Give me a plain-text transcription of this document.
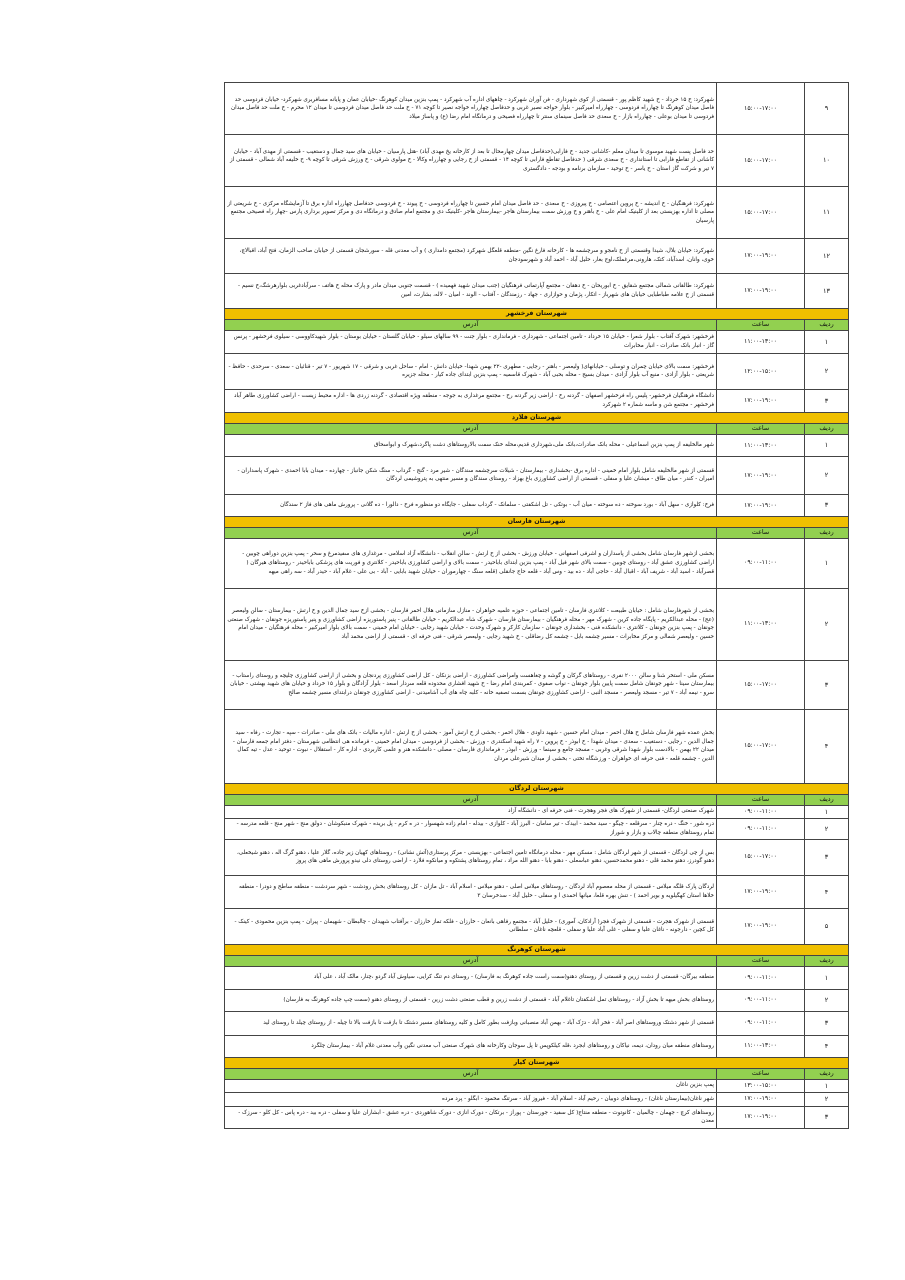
۹	۱۵:۰۰-۱۷:۰۰	شهرکرد: خ ۱۵ خرداد - خ شهید کاظم پور - قسمتی از کوی شهرداری - فن آوران شهرکرد - چاههای اداره آب شهرکرد - پمپ بنزین میدان کوهرنگ -خیابان عمان و پایانه مسافربری شهرکرد- خیابان فردوسی حد فاصل میدان کوهرنگ تا چهارراه فردوسی - چهارراه امیرکبیر - بلوار خواجه نصیر غربی و حدفاصل چهارراه خواجه نصیر تا کوچه ۷۱ - خ ملت حد فاصل میدان فردوسی تا میدان ۱۲ محرم - خ ملت حد فاصل میدان فردوسی تا میدان بوعلی - چهارراه بازار - خ سعدی حد فاصل سینمای سنتر تا چهارراه فصیحی و درمانگاه امام رضا (ع) و پاساژ میلاد
۱۰	۱۵:۰۰-۱۷:۰۰	حد فاصل پست شهید موسوی تا میدان معلم -کاشانی جدید - خ فارابی(حدفاصل میدان چهارمحال تا بعد از کارخانه یخ مهدی آباد) -هتل پارسیان - خیابان های سید جمال و دستغیب - قسمتی از مهدی آباد - خیابان کاشانی از تقاطع فارابی تا استانداری - خ سعدی شرقی ( حدفاصل تقاطع فارابی تا کوچه ۱۴ - قسمتی از خ رجایی و چهارراه وکالا - خ مولوی شرقی - خ ورزش شرقی تا کوچه ۹- خ خلیفه آباد شمالی - قسمتی از ۷ تیر و شرکت گاز استان - خ یاسر - خ توحید - سازمان برنامه و بودجه - دادگستری
۱۱	۱۵:۰۰-۱۷:۰۰	شهرکرد: فرهنگیان - خ اندیشه - خ پروین اعتصامی - خ پیروزی - خ سعدی - حد فاصل میدان امام حسین تا چهارراه فردوسی - خ پیوند - خ فردوسی حدفاصل چهارراه اداره برق تا آزمایشگاه مرکزی - خ شریعتی از مصلی تا اداره بهزیستی بعد از کلینیک امام علی - خ باهنر و خ ورزش سمت بیمارستان هاجر -بیمارستان هاجر -کلینیک دی و مجتمع امام صادق و درمانگاه دی و مرکز تصویر برداری پارس -چهار راه فصیحی مجتمع پارسیان
۱۲	۱۷:۰۰-۱۹:۰۰	شهرکرد: خیابان بلال، شیدا وقسمتی از خ نامجو و سرچشمه ها - کارخانه فارغ نگین -منطقه قلعگل شهرکرد (مجتمع دامداری ) و آب معدنی قله - سورشجان قسمتی از خیابان صاحب الزمان، فتح آباد، اقبالاچ، خوی، وانان، اسدآباد، کتک، هارونی،مرغملک،اوج بغار، حلیل آباد - احمد آباد و شهرسودجان
۱۳	۱۷:۰۰-۱۹:۰۰	شهرکرد: طالقانی شمالی مجتمع شقایق - خ ابوریحان - خ دهقان - مجتمع آپارتمانی فرهنگیان (جنب میدان شهید فهمیده ) - قسمت جنوبی میدان مادر و پارک محله خ هاتف - سرآبادغربی بلوارهرشگ،خ نسیم - قسمتی از خ علامه طباطبایی خیابان های شهرباز - اتکار، پژمان و حوازاری - جهاد - رزمندگان - آفتاب - الوند - امیان - لاله، بشارت، امین
شهرستان فرخشهر		
ردیف	ساعت	آدرس
۱	۱۱:۰۰-۱۳:۰۰	فرخشهر: شهرک آفتاب - بلوار شعرا - خیابان ۱۵ خرداد - تامین اجتماعی - شهرداری - فرمانداری - بلوار جنت - ۹۹ سالهای سیلو - خیابان گلستان - خیابان بوستان - بلوار شهیدکاووسی - سیلوی فرخشهر - پرنس گاز - انبار بانک صادرات - انبار مخابرات
۲	۱۲:۰۰-۱۵:۰۰	فرخشهر: سمت بالای خیابان چمران و توسلی - خیابانهای( ولیعصر - باهنر - رجایی - مطهری -۲۲ بهمن شهدا- خیابان دانش - امام - ساحل غربی و شرقی - ۱۷ شهریور - ۷ تیر - قنائیان - سعدی - سرحدی - حافظ - شریعتی - بلوار آزادی - منبع آب بلوار آزادی - میدان بسیج - محله بحبی آباد - شهرک قاسمیه - پمپ بنزین ابتدای جاده کیار - محله جزیره
۳	۱۷:۰۰-۱۹:۰۰	دانشگاه فرهنگیان فرخشهر- پلیس راه فرخشهر اصفهان - گردنه رخ - اراضی زیر گردنه رخ - مجتمع مرغداری به جوجه - منطقه ویژه اقتصادی - گردنه زردی ها - اداره محیط زیست - اراضی کشاورزی طاهر آباد فرخشهر - مجتمع شن و ماسه شماره ۲ شهرکرد
شهرستان فلارد		
ردیف	ساعت	آدرس
۱	۱۱:۰۰-۱۳:۰۰	شهر مالخلیفه از پمپ بنزین اسماعیلی - محله بانک صادرات،بانک ملی،شهرداری قدیم،محله خنک سمت بالاروستاهای دشت پاگرد،شهرک و ابواسحاق
۲	۱۷:۰۰-۱۹:۰۰	قسمتی از شهر مالخلیفه شامل بلوار امام خمینی - اداره برق -بخشداری - بیمارستان - شیلات سرچشمه سندگان - شیر مرد - گنج - گرداب - سنگ شکن جانباز - چهارده - میدان بابا احمدی - شهرک پاسداران - امیران - کندر - میان طاق - میشان علیا و سفلی - قسمتی از اراضی کشاورزی باغ بهزاد - روستای سندگان و مسیر منتهی به پتروشیمی لردگان
۳	۱۷:۰۰-۱۹:۰۰	فرخ: کلوازی - سهل آباد - بورد سوخته - ده سوخته - میان آب - بوتکی - تل اشکفتی - سلمانک - گرداب سفلی - جایگاه دو منظوره فرخ - دالورا - ده گلانی - پرورش ماهی های فاز ۲ سندگان
شهرستان فارسان		
ردیف	ساعت	آدرس
۱	۰۹:۰۰-۱۱:۰۰	بخشی ازشهر فارسان شامل بخشی از پاسداران و اشرفی اصفهانی - خیابان ورزش - بخشی از خ ارتش - سالن انقلاب - دانشگاه آزاد اسلامی - مرغداری های سفیدمرغ و سحر - پمپ بنزین دوراهی چوبین - اراضی کشاورزی عشق آباد - روستای چوبین - سمت بالای شهر فیل آباد - پمپ بنزین ابتدای باباحیدر - سمت بالای و اراضی کشاورزی باباحیدر - کلانتری و فوریت های پزشکی باباحیدر - روستاهای هیرگان ( قصرآباد - اسید آباد - شریف آباد - اقبال آباد - حاجی آباد - ده بید - وس آباد - قلعه حاج جانقلی (قلعه سنگ - چهارموران - خیابان شهید بابایی - آباد - بی علی - غلام آباد - حیدر آباد - سه راهی میهه
۲	۱۱:۰۰-۱۳:۰۰	بخشی از شهرفارسان شامل : خیابان طبیعت - کلانتری فارسان - تامین اجتماعی - حوزه علمیه خواهران - منازل سازمانی هلال احمر فارسان - بخشی ازخ سید جمال الدین و خ ارتش - بیمارستان - سالن ولیعصر (عج) - محله عبدالکریم - پایگاه جاده کرین - شهرک مهر - محله فرهنگیان - بیمارستان فارسان - شهرک شاه عبدالکریم - خیابان طالقانی - پنیر پاستوریزه اراضی کشاورزی و پنیر پاستوریزه جونقان - شهرک صنعتی جونقان - پمپ بنزین جونقان - کلانتری - دانشکده فنی - بخشداری جونقان - سازمان کارکر و شهرک وحدت - خیابان شهید رجایی - خیابان امام خمینی - سمت بالای بلوار امیرکبیر - محله فرهنگیان - میدان امام حسین - ولیعصر شمالی و مرکز مخابرات - مسیر چشمه بابل - چشمه کل رضاقلی - خ شهید رجایی - ولیعصر شرقی - فنی حرفه ای - قسمتی از اراضی محمد آباد
۳	۱۵:۰۰-۱۷:۰۰	مسکن ملی - استخر شنا و سالن ۲۰۰۰ نفری - روستاهای گرکان و گوشه و چغاهست وامراضی کشاورزی - اراضی بزنکان - کل اراضی کشاورزی پردنجان و بخشی از اراضی کشاورزی چلیچه و روستای راستاب - بیمارستان سینا - شهر جونقان شامل سمت پایین بلوار جونقان - نواب صفوی - کمربندی امام رضا - خ شهید افشاری محدوده قلعه سردار اسعد - بلوار آزادگان و بلوار ۱۵ خرداد و خیابان های شهید بهشتی - خیابان سرو - نیمه آباد - ۷ تیر - مسجد ولیعصر - مسجد النبی - اراضی کشاورزی جونقان بسمت تصفیه خانه - کلبه چاه های آب آشامیدنی - اراضی کشاورزی جونقان درابتدای مسیر چشمه صالح
۴	۱۵:۰۰-۱۷:۰۰	بخش عمده شهر فارسان شامل خ هلال احمر - میدان امام حسین - شهید داودی - هلال احمر - بخشی از خ ارتش آموز - بخشی از خ ارتش - اداره مالیات - بانک های ملی - صادرات - سپه - تجارت - رفاه - سید جمال الدین - رجایی - دستغیب - سعدی - میدان شهدا - خ ابوذر - خ پروین - ۷ راه شهید اسکندری - ورزش - بخشی از فردوسی - میدان امام خمینی - فرمانده هی انتظامی شهرستان - دفتر امام جمعه فارسان - میدان ۲۲ بهمن - بالادست بلوار شهدا شرقی وغربی - مسجد جامع و سینما - ورزش - ابوذر - فرمانداری فارسان - مصلی - دانشکده هنر و علمی کاربردی - اداره کار - استقلال - نبوت - توحید - عدل - تیه کمال الدین - چشمه قلعه - فنی حرفه ای خواهران - ورزشگاه تختی - بخشی از میدان شیرعلی مردان
شهرستان لردگان		
ردیف	ساعت	آدرس
۱	۰۹:۰۰-۱۱:۰۰	شهرک صنعتی لردگان- قسمتی از شهرک های فجر وهجرت - فنی حرفه ای - دانشگاه آزاد
۲	۰۹:۰۰-۱۱:۰۰	دره شور - خنگ - دره چنار - سرقلعه - چیگو - سید محمد - ابیدک - تیر سامان - البرز آباد - کلوازی - بیدله - امام زاده شهسوار - در ه کرم - پل بریده - شهرک منبکوشان - دولق منج - شهر منج - قلعه مدرسه - تمام روستاهای منطقه چالاب و بازار و شوراز
۳	۱۵:۰۰-۱۷:۰۰	بس از چی لردگان - قسمتی از شهر لردگان شامل : مسکن مهر - محله درمانگاه تامین اجتماعی - بهزیستی - مرکز پرستاری(آتش نشانی) - روستاهای کهیان زیر جاده، گلار علیا ، دهنو گرگ اله ، دهنو شیخعلی، دهنو گودرز، دهنو محمد قلی - دهنو محمدحسین، دهنو عباسعلی - دهنو بابا - دهنو الله مراد ، تمام روستاهای پشتکوه و میانکوه فلارد - اراضی روستای دلی نیدو پرورش ماهی های پروز
۴	۱۷:۰۰-۱۹:۰۰	لردگان پارک قلگه میلاس - قسمتی از محله معصوم آباد لردگان - روستاهای میلاس اصلی - دهنو میلاس - اسلام آباد - تل مازان - کل روستاهای بخش رودشت - شهر سردشت - منطقه ساطح و دودرا - منطقه خلاها استان کهگیلویه و بویر احمد ) - تنش بهره قلعا، میانها احمدی ا و سفلی - خلیل آباد - سدخرسان ۳
۵	۱۷:۰۰-۱۹:۰۰	قسمتی از شهرک هجرت - قسمتی از شهرک فجر( آرادکان، آموری) - خلیل آباد - مجتمع رفاهی بانعان - خارزان - فلکه تماز خارزان - برآفتاب شهیدان - چالبطان - شهیمان - پیران - پمپ بنزین محمودی - کینک - کل کچین - دارجونه - ناغان علیا و سفلی - غلی آباد علیا و سفلی - قلعچه ناغان - سلطانی
شهرستان کوهرنگ		
ردیف	ساعت	آدرس
۱	۰۹:۰۰-۱۱:۰۰	منطقه بیرگان- قسمتی از دشت زرین و قسمتی از روستای دهنو(سمت راست جاده کوهرنگ به فارسان) - روستای دم تنگ کرایی، سیاوش آباد گردو ،چنار، مالک آباد ، علی آباد
۲	۰۹:۰۰-۱۱:۰۰	روستاهای بخش میهه تا بخش آزاد - روستاهای تمل اشکفتان تاغلام آباد - قسمتی از دشت زرین و قطب صنعتی دشت زرین - قسمتی از روستای دهنو (سمت چپ جاده کوهرنگ به فارسان)
۳	۰۹:۰۰-۱۱:۰۰	قسمتی از شهر دشتک وروستاهای اصر آباد - فخر آباد - دژک آباد - بهمن آباد منصبانی وبازفت بطور کامل و کلیه روستاهای مسیر دشتک تا بازفت تا بازفت بالا تا چیله - از روستای چیلد تا روستای لید
۴	۱۱:۰۰-۱۳:۰۰	روستاهای منطقه میان رودان، دیمه، نیاکان و روستاهای ابجرد ،قله کیلکوپس تا پل سوجان وکارخانه های شهرک صنعتی آب معدنی نگین وآب معدنی غلام آباد - بیمارستان چلگرد
شهرستان کیار		
ردیف	ساعت	آدرس
۱	۱۳:۰۰-۱۵:۰۰	پمپ بنزین ناغان
۲	۱۷:۰۰-۱۹:۰۰	شهر ناغان(بیمارستان ناغان) - روستاهای دوبیان - رحیم آباد - اسلام آباد - فیروز آباد - سرتنگ محمود - ابگلو - پرد مرده
۳	۱۷:۰۰-۱۹:۰۰	روستاهای کرچ - جهمان - چالمیان - کانوتوت - منطقه منتاج( کل سفید - جورستان - پوراز - برتکان - دورک انازی - دورک شاهوردی - دره عشق - ابشاران علیا و سفلی - دره بید - دره پاس - کل کلو - سرزک - معدن
